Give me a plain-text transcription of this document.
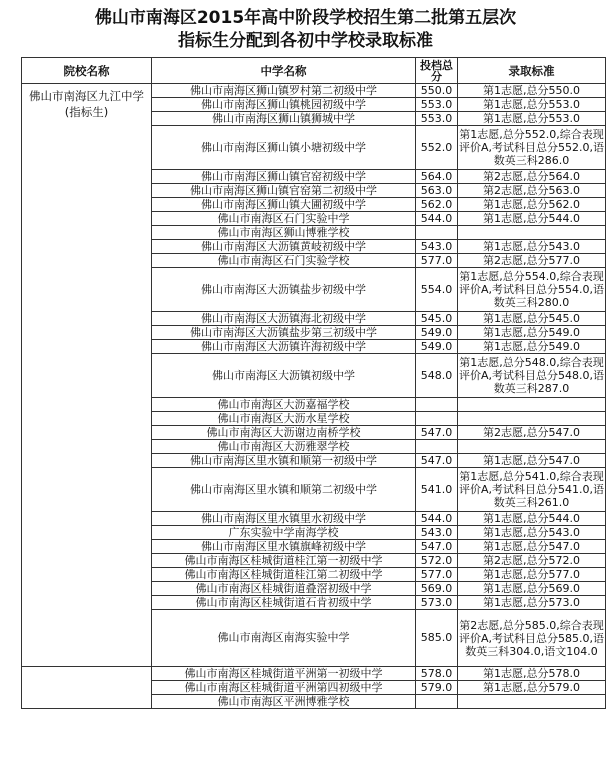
佛山市南海区2015年高中阶段学校招生第二批第五层次
指标生分配到各初中学校录取标准
院校名称	中学名称	投档总分	录取标准
佛山市南海区九江中学(指标生)	佛山市南海区狮山镇罗村第二初级中学	550.0	第1志愿,总分550.0
	佛山市南海区狮山镇桃园初级中学	553.0	第1志愿,总分553.0
	佛山市南海区狮山镇狮城中学	553.0	第1志愿,总分553.0
	佛山市南海区狮山镇小塘初级中学	552.0	第1志愿,总分552.0,综合表现评价A,考试科目总分552.0,语数英三科286.0
	佛山市南海区狮山镇官窑初级中学	564.0	第2志愿,总分564.0
	佛山市南海区狮山镇官窑第二初级中学	563.0	第2志愿,总分563.0
	佛山市南海区狮山镇大圃初级中学	562.0	第1志愿,总分562.0
	佛山市南海区石门实验中学	544.0	第1志愿,总分544.0
	佛山市南海区狮山博雅学校		
	佛山市南海区大沥镇黄岐初级中学	543.0	第1志愿,总分543.0
	佛山市南海区石门实验学校	577.0	第2志愿,总分577.0
	佛山市南海区大沥镇盐步初级中学	554.0	第1志愿,总分554.0,综合表现评价A,考试科目总分554.0,语数英三科280.0
	佛山市南海区大沥镇海北初级中学	545.0	第1志愿,总分545.0
	佛山市南海区大沥镇盐步第三初级中学	549.0	第1志愿,总分549.0
	佛山市南海区大沥镇许海初级中学	549.0	第1志愿,总分549.0
	佛山市南海区大沥镇初级中学	548.0	第1志愿,总分548.0,综合表现评价A,考试科目总分548.0,语数英三科287.0
	佛山市南海区大沥嘉福学校		
	佛山市南海区大沥水星学校		
	佛山市南海区大沥谢边南桥学校	547.0	第2志愿,总分547.0
	佛山市南海区大沥雅翠学校		
	佛山市南海区里水镇和顺第一初级中学	547.0	第1志愿,总分547.0
	佛山市南海区里水镇和顺第二初级中学	541.0	第1志愿,总分541.0,综合表现评价A,考试科目总分541.0,语数英三科261.0
	佛山市南海区里水镇里水初级中学	544.0	第1志愿,总分544.0
	广东实验中学南海学校	543.0	第1志愿,总分543.0
	佛山市南海区里水镇旗峰初级中学	547.0	第1志愿,总分547.0
	佛山市南海区桂城街道桂江第一初级中学	572.0	第2志愿,总分572.0
	佛山市南海区桂城街道桂江第二初级中学	577.0	第1志愿,总分577.0
	佛山市南海区桂城街道叠滘初级中学	569.0	第1志愿,总分569.0
	佛山市南海区桂城街道石肯初级中学	573.0	第1志愿,总分573.0
	佛山市南海区南海实验中学	585.0	第2志愿,总分585.0,综合表现评价A,考试科目总分585.0,语数英三科304.0,语文104.0
	佛山市南海区桂城街道平洲第一初级中学	578.0	第1志愿,总分578.0
	佛山市南海区桂城街道平洲第四初级中学	579.0	第1志愿,总分579.0
	佛山市南海区平洲博雅学校		
